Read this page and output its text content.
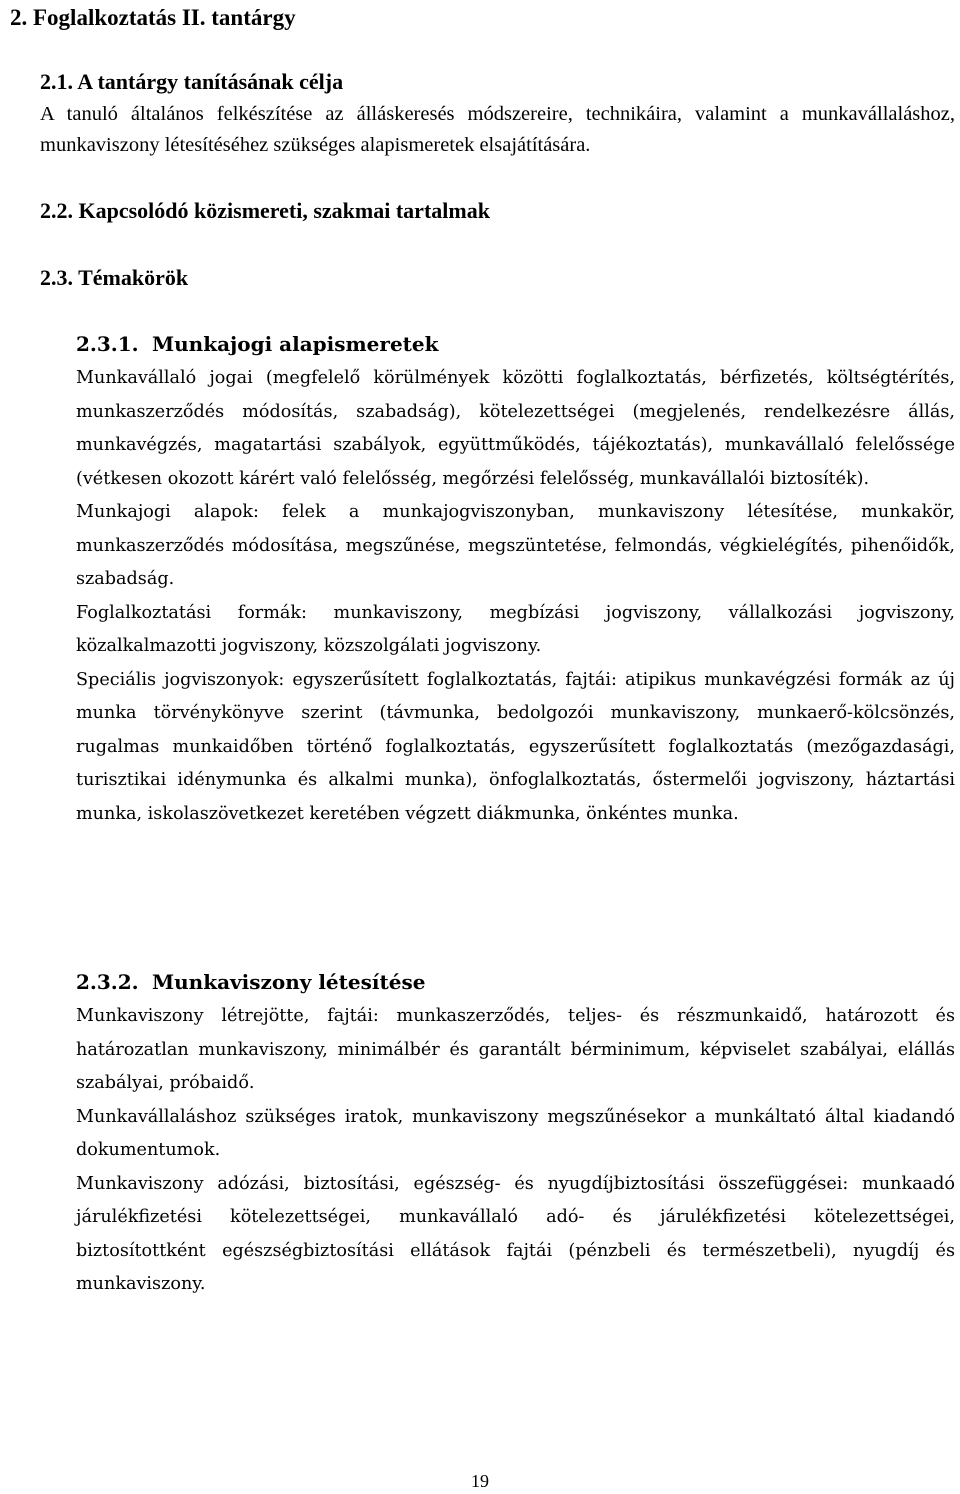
2. Foglalkoztatás II. tantárgy
2.1. A tantárgy tanításának célja

A tanuló általános felkészítése az álláskeresés módszereire, technikáira, valamint a munkavállaláshoz, munkaviszony létesítéséhez szükséges alapismeretek elsajátítására.

2.2. Kapcsolódó közismereti, szakmai tartalmak
2.3. Témakörök
2.3.1. Munkajogi alapismeretek

Munkavállaló jogai (megfelelő körülmények közötti foglalkoztatás, bérfizetés, költségtérítés, munkaszerződés módosítás, szabadság), kötelezettségei (megjelenés, rendelkezésre állás, munkavégzés, magatartási szabályok, együttműködés, tájékoztatás), munkavállaló felelőssége (vétkesen okozott kárért való felelősség, megőrzési felelősség, munkavállalói biztosíték).

Munkajogi alapok: felek a munkajogviszonyban, munkaviszony létesítése, munkakör, munkaszerződés módosítása, megszűnése, megszüntetése, felmondás, végkielégítés, pihenőidők, szabadság.

Foglalkoztatási formák: munkaviszony, megbízási jogviszony, vállalkozási jogviszony, közalkalmazotti jogviszony, közszolgálati jogviszony.

Speciális jogviszonyok: egyszerűsített foglalkoztatás, fajtái: atipikus munkavégzési formák az új munka törvénykönyve szerint (távmunka, bedolgozói munkaviszony, munkaerő-kölcsönzés, rugalmas munkaidőben történő foglalkoztatás, egyszerűsített foglalkoztatás (mezőgazdasági, turisztikai idénymunka és alkalmi munka), önfoglalkoztatás, őstermelői jogviszony, háztartási munka, iskolaszövetkezet keretében végzett diákmunka, önkéntes munka.

2.3.2. Munkaviszony létesítése

Munkaviszony létrejötte, fajtái: munkaszerződés, teljes- és részmunkaidő, határozott és határozatlan munkaviszony, minimálbér és garantált bérminimum, képviselet szabályai, elállás szabályai, próbaidő.

Munkavállaláshoz szükséges iratok, munkaviszony megszűnésekor a munkáltató által kiadandó dokumentumok.

Munkaviszony adózási, biztosítási, egészség- és nyugdíjbiztosítási összefüggései: munkaadó járulékfizetési kötelezettségei, munkavállaló adó- és járulékfizetési kötelezettségei, biztosítottként egészségbiztosítási ellátások fajtái (pénzbeli és természetbeli), nyugdíj és munkaviszony.

19
